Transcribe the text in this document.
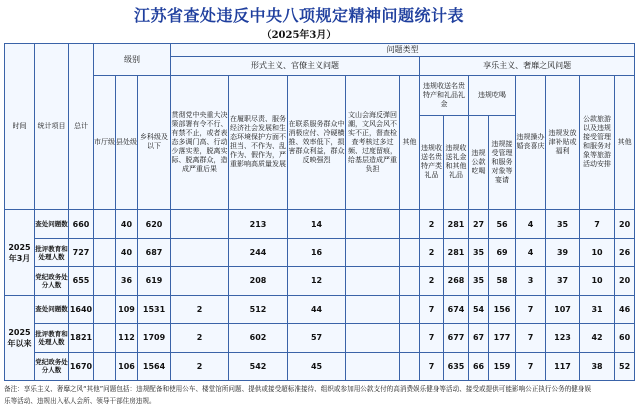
江苏省查处违反中央八项规定精神问题统计表
（2025年3月）
时间	统计项目	总计	级别			问题类型												
						形式主义、官僚主义问题					享乐主义、奢靡之风问题							
			市厅级	县处级	乡科级及以下	贯彻党中央重大决策部署有令不行、有禁不止，或者表态多调门高、行动少落实差，脱离实际、脱离群众，造成严重后果	在履职尽责、服务经济社会发展和生态环境保护方面不担当、不作为、乱作为、假作为，严重影响高质量发展	在联系服务群众中消极应付、冷硬横推、效率低下，损害群众利益，群众反映强烈	文山会海反弹回潮，文风会风不实不正，督查检查考核过多过频、过度留痕，给基层造成严重负担	其他	违规收送名贵特产和礼品礼金		违规吃喝		违规操办婚丧喜庆	违规发放津补贴或福利	公款旅游以及违规接受管理和服务对象等旅游活动安排	其他
											违规收送名贵特产类礼品	违规收送礼金和其他礼品	违规公款吃喝	违规接受管理和服务对象等宴请				
2025年3月	查处问题数	660		40	620		213	14			2	281	27	56	4	35	7	20
	批评教育和处理人数	727		40	687		244	16			2	281	35	69	4	39	10	26
	党纪政务处分人数	655		36	619		208	12			2	268	35	58	3	37	10	20
2025年以来	查处问题数	1640		109	1531	2	512	44			7	674	54	156	7	107	31	46
	批评教育和处理人数	1821		112	1709	2	602	57			7	677	67	177	7	123	42	60
	党纪政务处分人数	1670		106	1564	2	542	45			7	635	66	159	7	117	38	52
备注：享乐主义、奢靡之风“其他”问题包括：违规配备和使用公车、楼堂馆所问题、提供或接受超标准接待、组织或参加用公款支付的高消费娱乐健身等活动、接受或提供可能影响公正执行公务的健身娱乐等活动、违规出入私人会所、领导干部住房违规。
